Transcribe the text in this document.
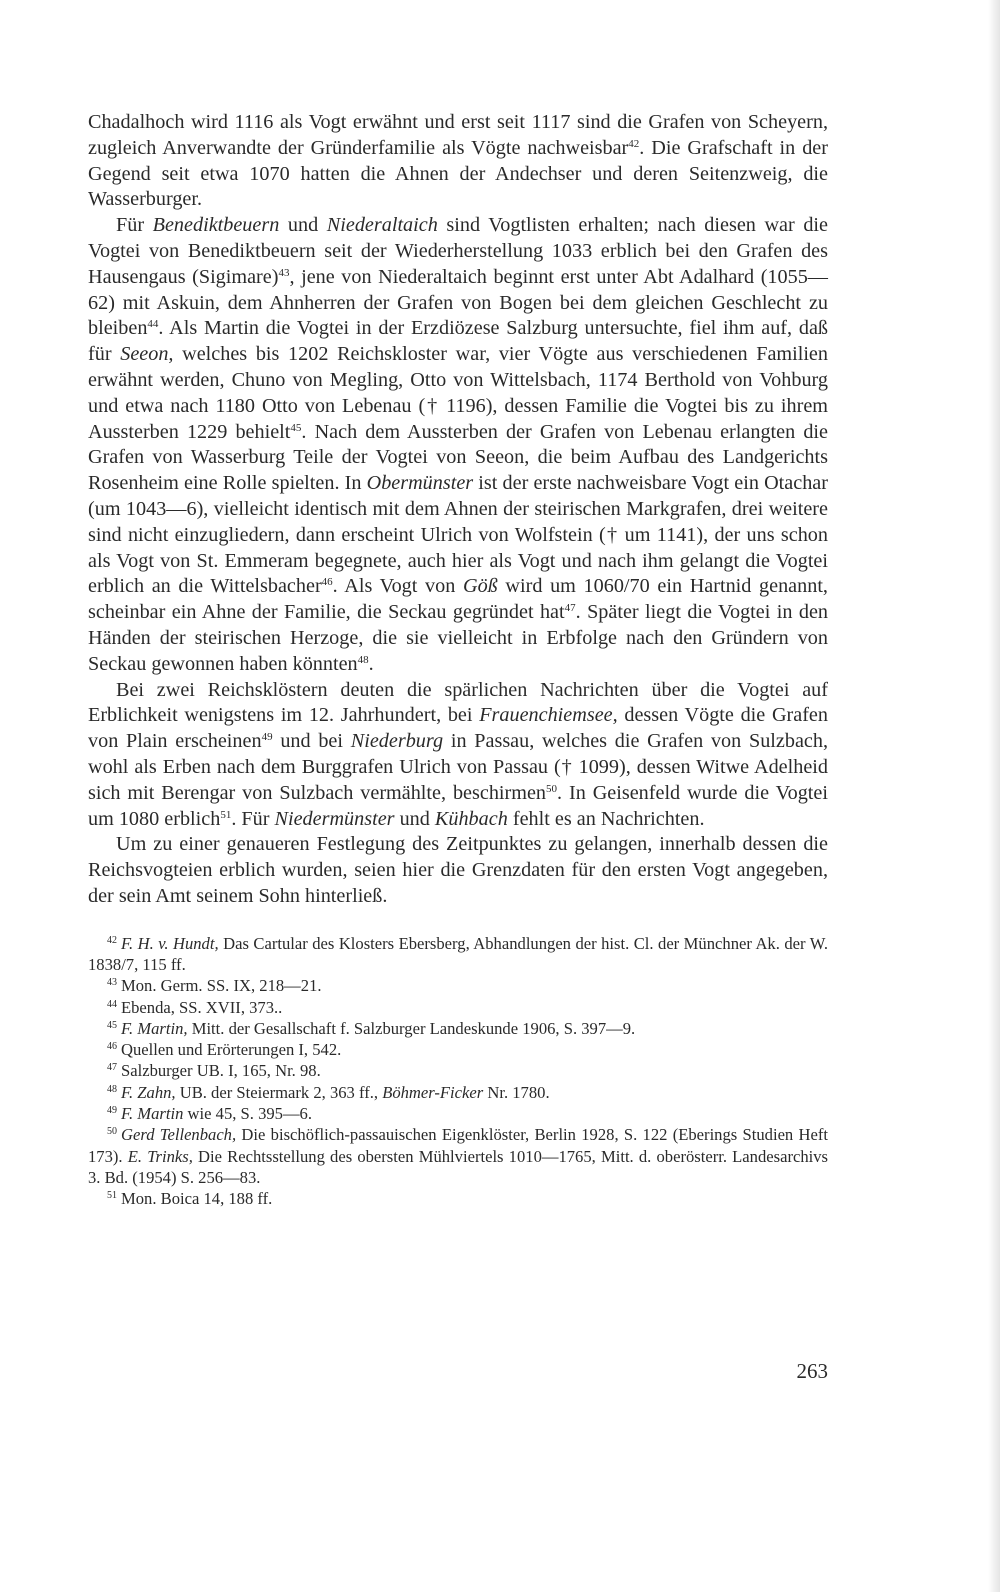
Chadalhoch wird 1116 als Vogt erwähnt und erst seit 1117 sind die Grafen von Scheyern, zugleich Anverwandte der Gründerfamilie als Vögte nachweisbar$^{42}$. Die Grafschaft in der Gegend seit etwa 1070 hatten die Ahnen der Andechser und deren Seitenzweig, die Wasserburger.

Für Benediktbeuern und Niederaltaich sind Vogtlisten erhalten; nach diesen war die Vogtei von Benediktbeuern seit der Wiederherstellung 1033 erblich bei den Grafen des Hausengaus (Sigimare)$^{43}$, jene von Niederaltaich beginnt erst unter Abt Adalhard (1055—62) mit Askuin, dem Ahnherren der Grafen von Bogen bei dem gleichen Geschlecht zu bleiben$^{44}$. Als Martin die Vogtei in der Erzdiözese Salzburg untersuchte, fiel ihm auf, daß für Seeon, welches bis 1202 Reichskloster war, vier Vögte aus verschiedenen Familien erwähnt werden, Chuno von Megling, Otto von Wittelsbach, 1174 Berthold von Vohburg und etwa nach 1180 Otto von Lebenau († 1196), dessen Familie die Vogtei bis zu ihrem Aussterben 1229 behielt$^{45}$. Nach dem Aussterben der Grafen von Lebenau erlangten die Grafen von Wasserburg Teile der Vogtei von Seeon, die beim Aufbau des Landgerichts Rosenheim eine Rolle spielten. In Obermünster ist der erste nachweisbare Vogt ein Otachar (um 1043—6), vielleicht identisch mit dem Ahnen der steirischen Markgrafen, drei weitere sind nicht einzugliedern, dann erscheint Ulrich von Wolfstein († um 1141), der uns schon als Vogt von St. Emmeram begegnete, auch hier als Vogt und nach ihm gelangt die Vogtei erblich an die Wittelsbacher$^{46}$. Als Vogt von Göß wird um 1060/70 ein Hartnid genannt, scheinbar ein Ahne der Familie, die Seckau gegründet hat$^{47}$. Später liegt die Vogtei in den Händen der steirischen Herzoge, die sie vielleicht in Erbfolge nach den Gründern von Seckau gewonnen haben könnten$^{48}$.

Bei zwei Reichsklöstern deuten die spärlichen Nachrichten über die Vogtei auf Erblichkeit wenigstens im 12. Jahrhundert, bei Frauenchiemsee, dessen Vögte die Grafen von Plain erscheinen$^{49}$ und bei Niederburg in Passau, welches die Grafen von Sulzbach, wohl als Erben nach dem Burggrafen Ulrich von Passau († 1099), dessen Witwe Adelheid sich mit Berengar von Sulzbach vermählte, beschirmen$^{50}$. In Geisenfeld wurde die Vogtei um 1080 erblich$^{51}$. Für Niedermünster und Kühbach fehlt es an Nachrichten.

Um zu einer genaueren Festlegung des Zeitpunktes zu gelangen, innerhalb dessen die Reichsvogteien erblich wurden, seien hier die Grenzdaten für den ersten Vogt angegeben, der sein Amt seinem Sohn hinterließ.

$^{42}$ F. H. v. Hundt, Das Cartular des Klosters Ebersberg, Abhandlungen der hist. Cl. der Münchner Ak. der W. 1838/7, 115 ff.

$^{43}$ Mon. Germ. SS. IX, 218—21.

$^{44}$ Ebenda, SS. XVII, 373..

$^{45}$ F. Martin, Mitt. der Gesallschaft f. Salzburger Landeskunde 1906, S. 397—9.

$^{46}$ Quellen und Erörterungen I, 542.

$^{47}$ Salzburger UB. I, 165, Nr. 98.

$^{48}$ F. Zahn, UB. der Steiermark 2, 363 ff., Böhmer-Ficker Nr. 1780.

$^{49}$ F. Martin wie 45, S. 395—6.

$^{50}$ Gerd Tellenbach, Die bischöflich-passauischen Eigenklöster, Berlin 1928, S. 122 (Eberings Studien Heft 173). E. Trinks, Die Rechtsstellung des obersten Mühlviertels 1010—1765, Mitt. d. oberösterr. Landesarchivs 3. Bd. (1954) S. 256—83.

$^{51}$ Mon. Boica 14, 188 ff.

263
